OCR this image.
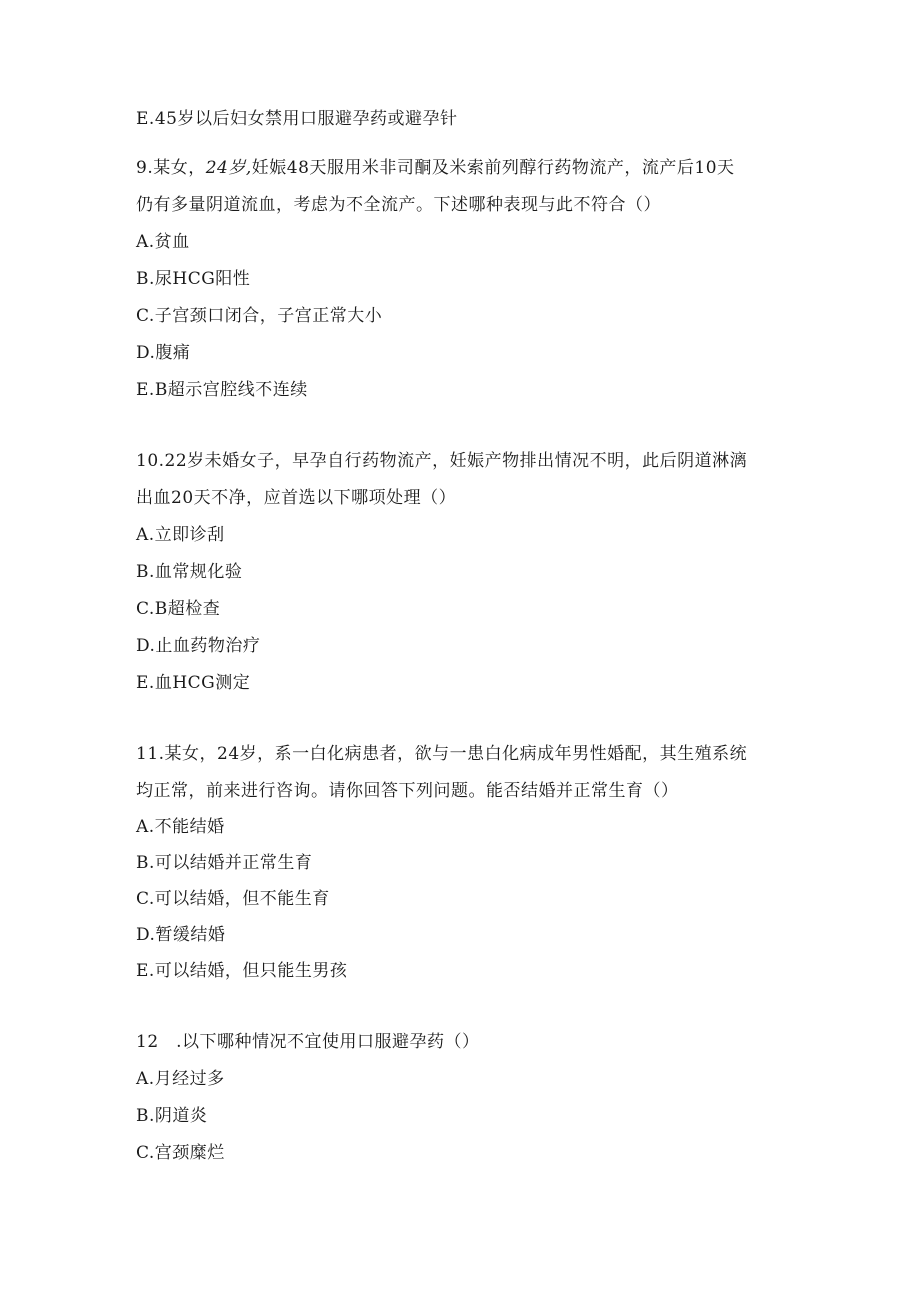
E.45岁以后妇女禁用口服避孕药或避孕针
9.某女，24岁,妊娠48天服用米非司酮及米索前列醇行药物流产，流产后10天
仍有多量阴道流血，考虑为不全流产。下述哪种表现与此不符合（）
A.贫血
B.尿HCG阳性
C.子宫颈口闭合，子宫正常大小
D.腹痛
E.B超示宫腔线不连续
10.22岁未婚女子，早孕自行药物流产，妊娠产物排出情况不明，此后阴道淋漓
出血20天不净，应首选以下哪项处理（）
A.立即诊刮
B.血常规化验
C.B超检查
D.止血药物治疗
E.血HCG测定
11.某女，24岁，系一白化病患者，欲与一患白化病成年男性婚配，其生殖系统
均正常，前来进行咨询。请你回答下列问题。能否结婚并正常生育（）
A.不能结婚
B.可以结婚并正常生育
C.可以结婚，但不能生育
D.暂缓结婚
E.可以结婚，但只能生男孩
12　.以下哪种情况不宜使用口服避孕药（）
A.月经过多
B.阴道炎
C.宫颈糜烂
